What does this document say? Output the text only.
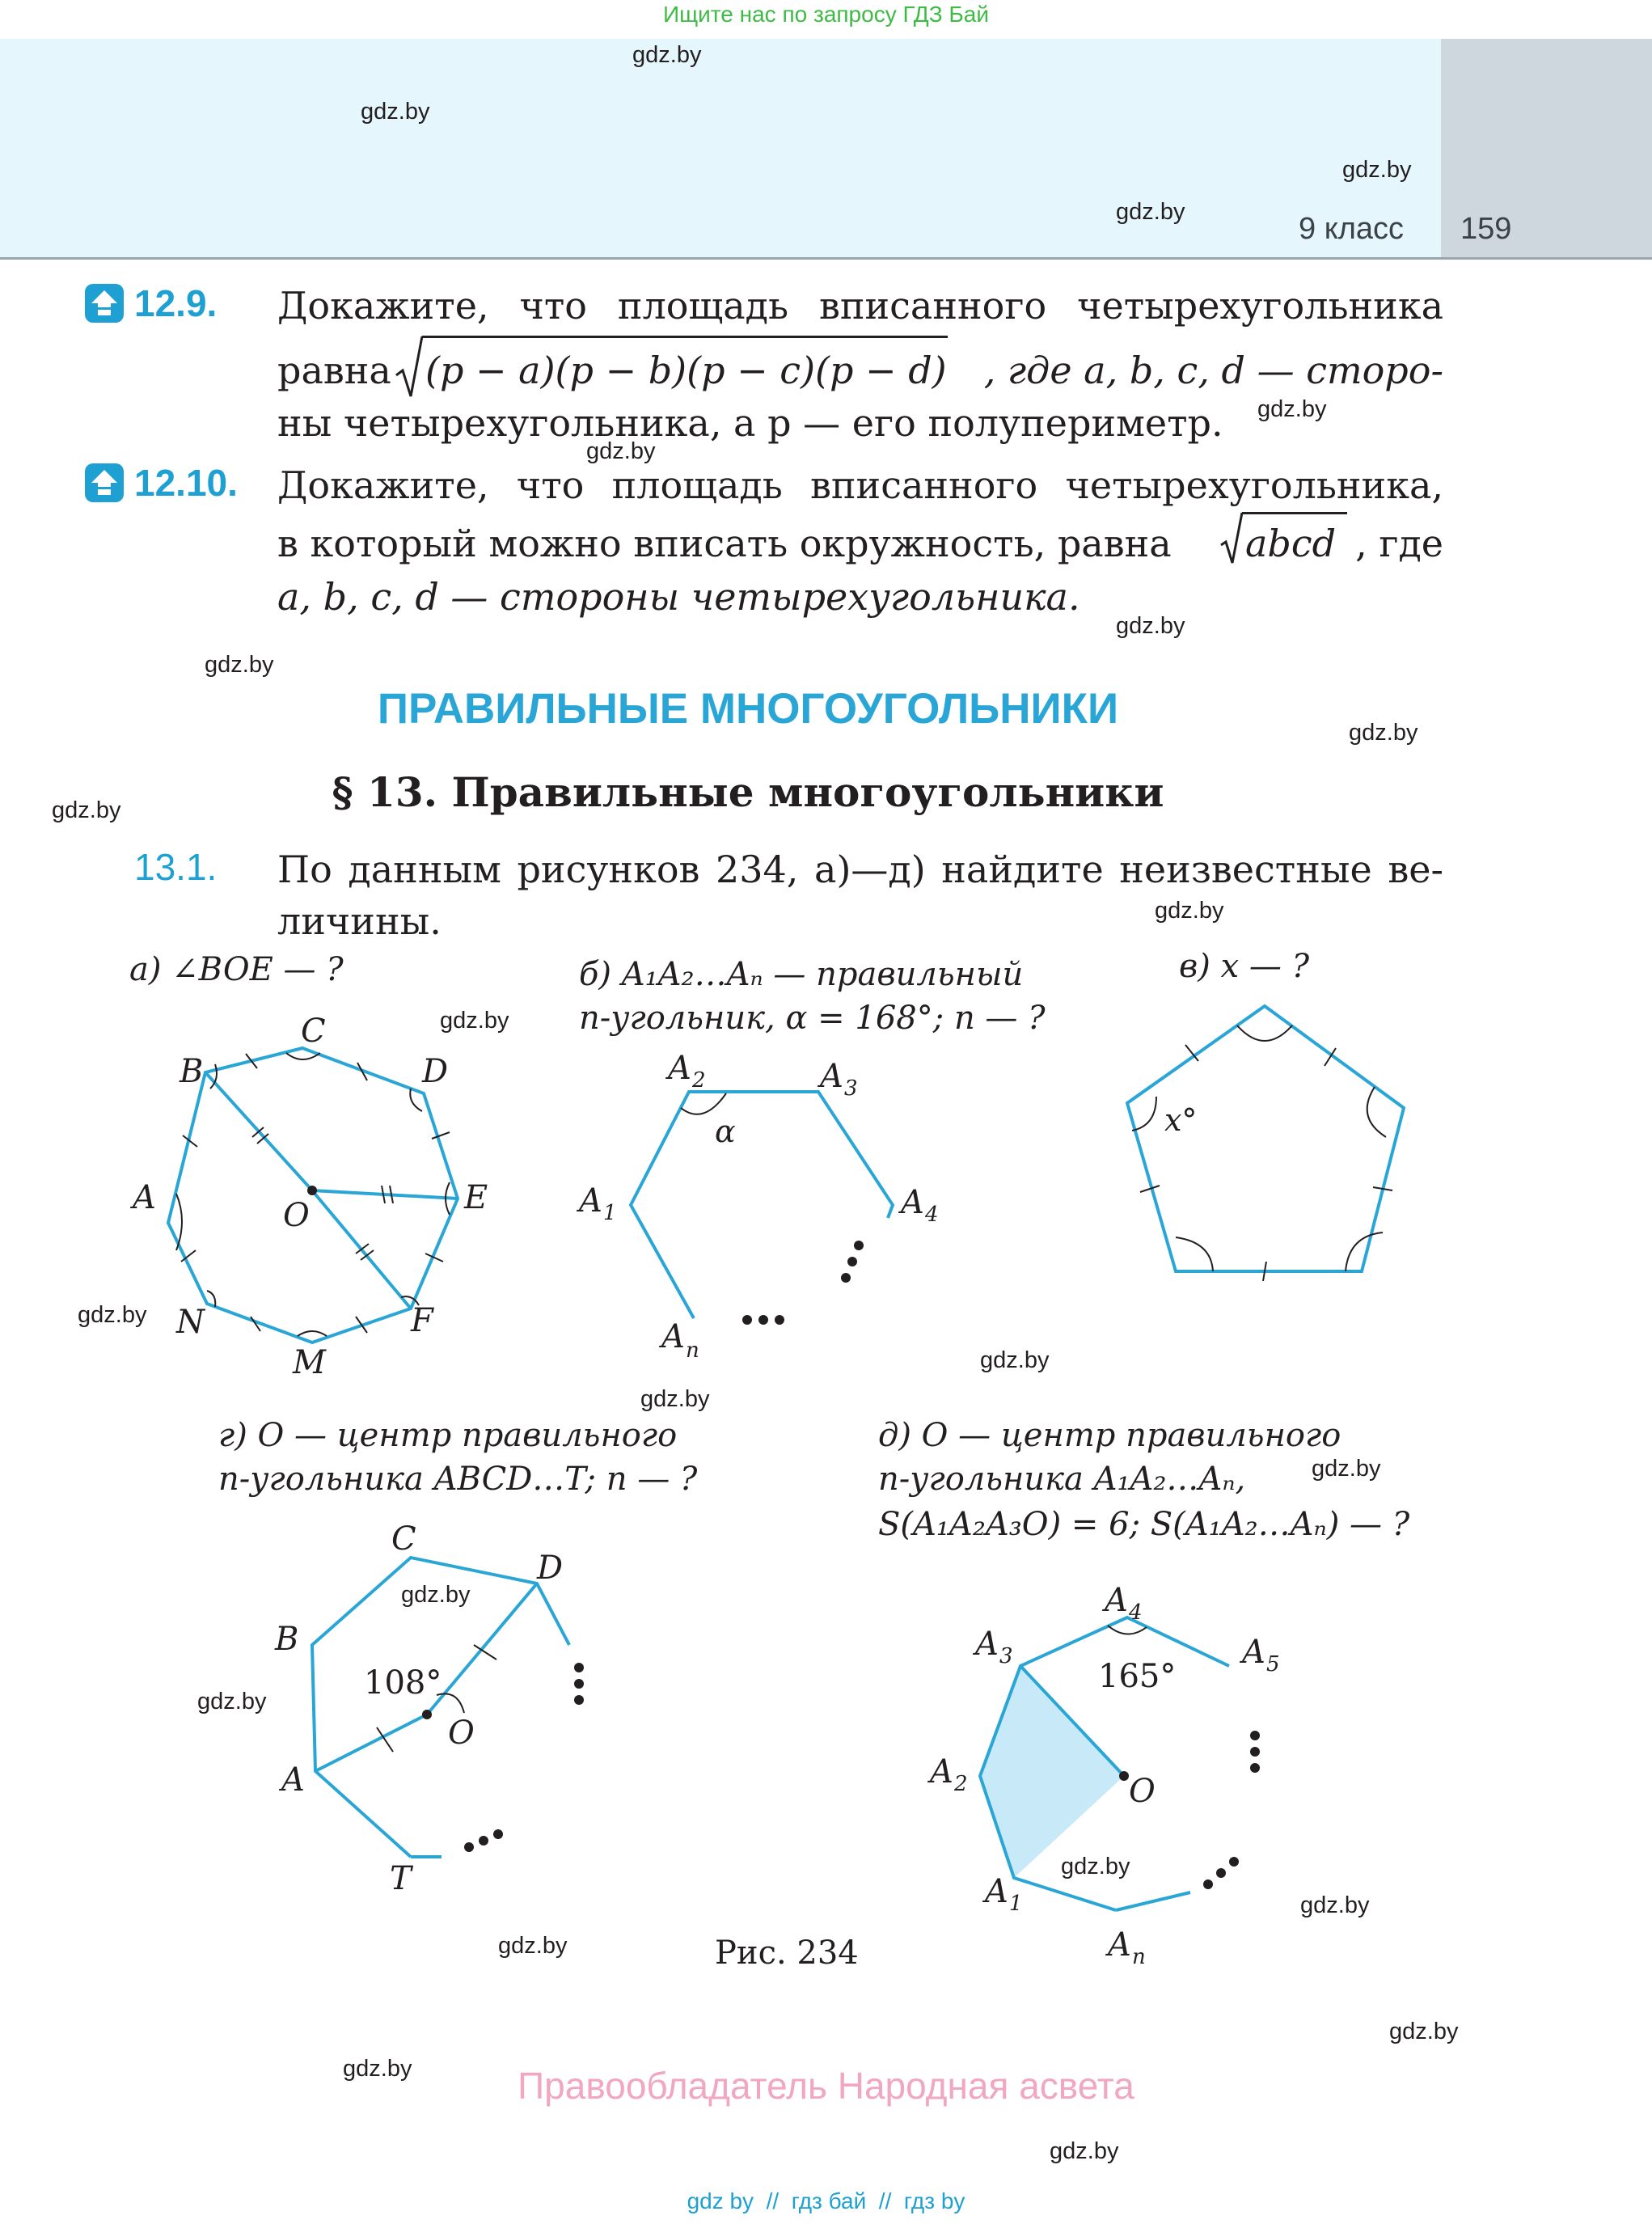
Ищите нас по запросу ГДЗ Бай
9 класс 159
gdz.by
gdz.by
gdz.by
gdz.by
gdz.by
gdz.by
gdz.by
gdz.by
gdz.by
gdz.by
gdz.by
gdz.by
gdz.by
gdz.by
gdz.by
gdz.by
gdz.by
gdz.by
gdz.by
gdz.by
gdz.by
gdz.by
gdz.by
gdz.by
12.9. Докажите, что площадь вписанного четырехугольника
равна (p − a)(p − b)(p − c)(p − d)	, где a, b, c, d — сторо-
ны четырехугольника, а p — его полупериметр.
12.10. Докажите, что площадь вписанного четырехугольника,
в который можно вписать окружность, равна abcd , где
a, b, c, d — стороны четырехугольника.
ПРАВИЛЬНЫЕ МНОГОУГОЛЬНИКИ
§ 13. Правильные многоугольники
13.1. По данным рисунков 234, а)—д) найдите неизвестные ве-
личины.
а) ∠BOE — ?	б) A₁A₂…Aₙ — правильный
n-угольник, α = 168°; n — ?
в) x — ?
г) O — центр правильного
n-угольника ABCD…T; n — ?
д) O — центр правильного
n-угольника A₁A₂…Aₙ,
S(A₁A₂A₃O) = 6; S(A₁A₂…Aₙ) — ?
Рис. 234
C
B	D
A	E
O
N	F
M
A 2	A 3
α
A 1	A 4
A n
x°
C
D
B
108°
O
A
T
A 4
A 3	A 5
165°
A 2	O
A 1
A n
Правообладатель Народная асвета
gdz by  //  гдз бай  //  гдз by
